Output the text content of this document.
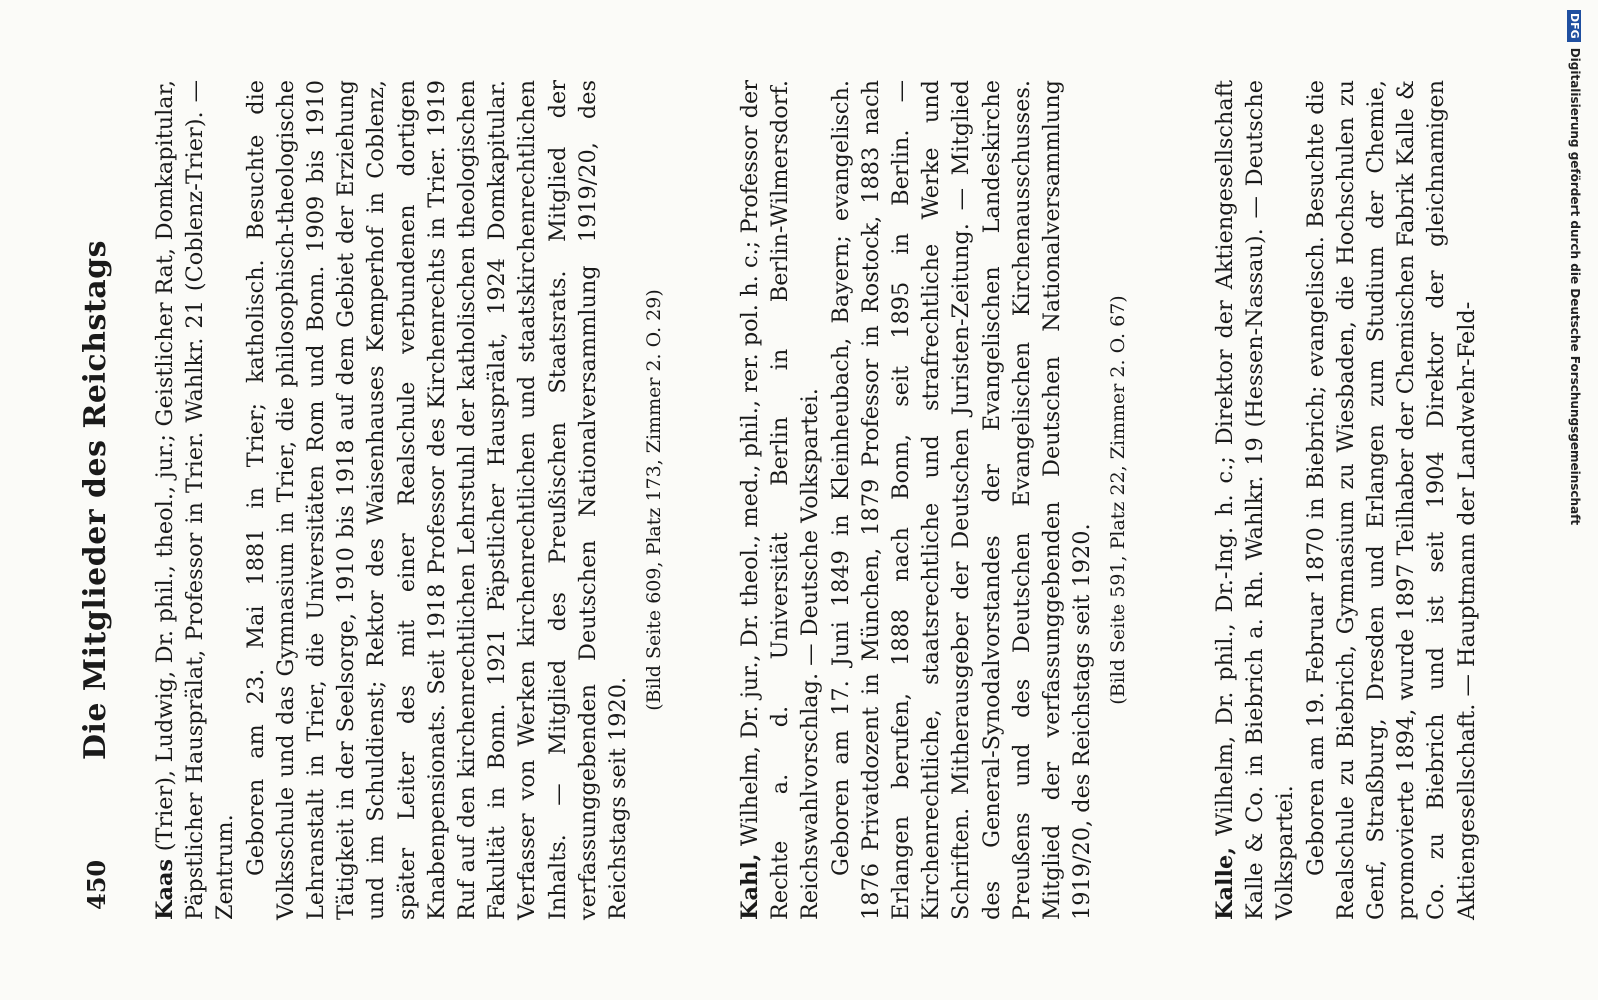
450
Die Mitglieder des Reichstags

Kaas (Trier), Ludwig, Dr. phil., theol., jur.; Geistlicher Rat, Domkapitular, Päpstlicher Hausprälat, Professor in Trier. Wahlkr. 21 (Coblenz-Trier). — Zentrum. Geboren am 23. Mai 1881 in Trier; katholisch. Besuchte die Volksschule und das Gymnasium in Trier, die philosophisch-theologische Lehranstalt in Trier, die Universitäten Rom und Bonn. 1909 bis 1910 Tätigkeit in der Seelsorge, 1910 bis 1918 auf dem Gebiet der Erziehung und im Schuldienst; Rektor des Waisenhauses Kemperhof in Coblenz, später Leiter des mit einer Realschule verbundenen dortigen Knabenpensionats. Seit 1918 Professor des Kirchenrechts in Trier. 1919 Ruf auf den kirchenrechtlichen Lehrstuhl der katholischen theologischen Fakultät in Bonn. 1921 Päpstlicher Hausprälat, 1924 Domkapitular. Verfasser von Werken kirchenrechtlichen und staatskirchenrechtlichen Inhalts. — Mitglied des Preußischen Staatsrats. Mitglied der verfassunggebenden Deutschen Nationalversammlung 1919/20, des Reichstags seit 1920.

(Bild Seite 609, Platz 173, Zimmer 2. O. 29)

Kahl, Wilhelm, Dr. jur., Dr. theol., med., phil., rer. pol. h. c.; Professor der Rechte a. d. Universität Berlin in Berlin-Wilmersdorf. Reichswahlvorschlag. — Deutsche Volkspartei. Geboren am 17. Juni 1849 in Kleinheubach, Bayern; evangelisch. 1876 Privatdozent in München, 1879 Professor in Rostock, 1883 nach Erlangen berufen, 1888 nach Bonn, seit 1895 in Berlin. — Kirchenrechtliche, staatsrechtliche und strafrechtliche Werke und Schriften. Mitherausgeber der Deutschen Juristen-Zeitung. — Mitglied des General-Synodalvorstandes der Evangelischen Landeskirche Preußens und des Deutschen Evangelischen Kirchenausschusses. Mitglied der verfassunggebenden Deutschen Nationalversammlung 1919/20, des Reichstags seit 1920.

(Bild Seite 591, Platz 22, Zimmer 2. O. 67)

Kalle, Wilhelm, Dr. phil., Dr.-Ing. h. c.; Direktor der Aktiengesellschaft Kalle & Co. in Biebrich a. Rh. Wahlkr. 19 (Hessen-Nassau). — Deutsche Volkspartei. Geboren am 19. Februar 1870 in Biebrich; evangelisch. Besuchte die Realschule zu Biebrich, Gymnasium zu Wiesbaden, die Hochschulen zu Genf, Straßburg, Dresden und Erlangen zum Studium der Chemie, promovierte 1894, wurde 1897 Teilhaber der Chemischen Fabrik Kalle & Co. zu Biebrich und ist seit 1904 Direktor der gleichnamigen Aktiengesellschaft. — Hauptmann der Landwehr-Feld-

DFGDigitalisierung gefördert durch die Deutsche Forschungsgemeinschaft
